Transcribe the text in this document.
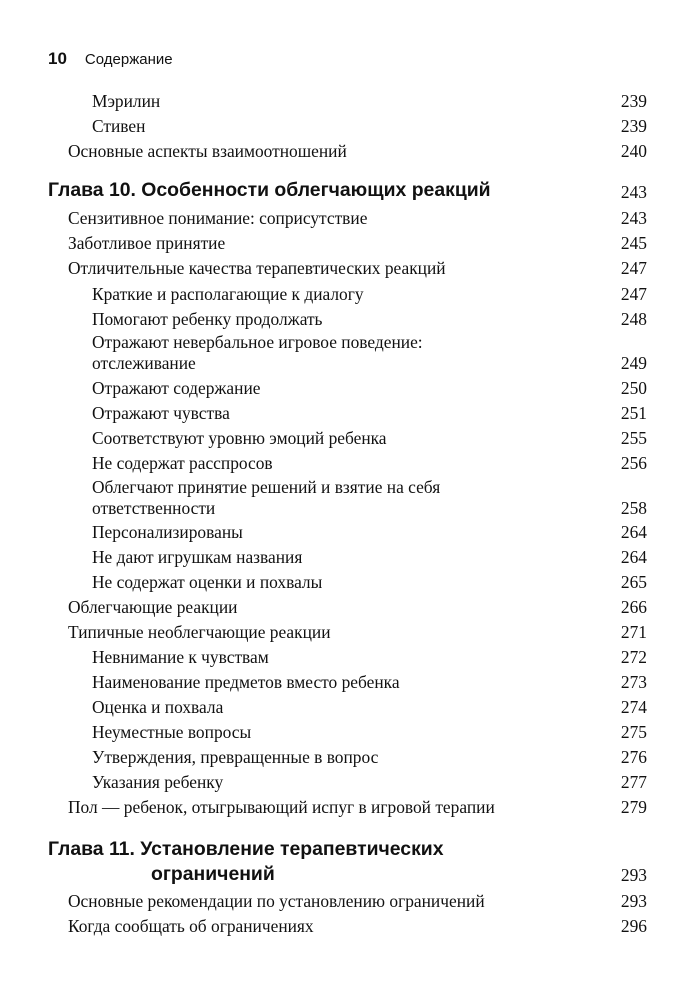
10 Содержание
Мэрилин	239
Стивен	239
Основные аспекты взаимоотношений	240
Глава 10. Особенности облегчающих реакций	243
Сензитивное понимание: соприсутствие	243
Заботливое принятие	245
Отличительные качества терапевтических реакций	247
Краткие и располагающие к диалогу	247
Помогают ребенку продолжать	248
Отражают невербальное игровое поведение:
отслеживание	249
Отражают содержание	250
Отражают чувства	251
Соответствуют уровню эмоций ребенка	255
Не содержат расспросов	256
Облегчают принятие решений и взятие на себя
ответственности	258
Персонализированы	264
Не дают игрушкам названия	264
Не содержат оценки и похвалы	265
Облегчающие реакции	266
Типичные необлегчающие реакции	271
Невнимание к чувствам	272
Наименование предметов вместо ребенка	273
Оценка и похвала	274
Неуместные вопросы	275
Утверждения, превращенные в вопрос	276
Указания ребенку	277
Пол — ребенок, отыгрывающий испуг в игровой терапии	279
Глава 11. Установление терапевтических
ограничений	293
Основные рекомендации по установлению ограничений	293
Когда сообщать об ограничениях	296
